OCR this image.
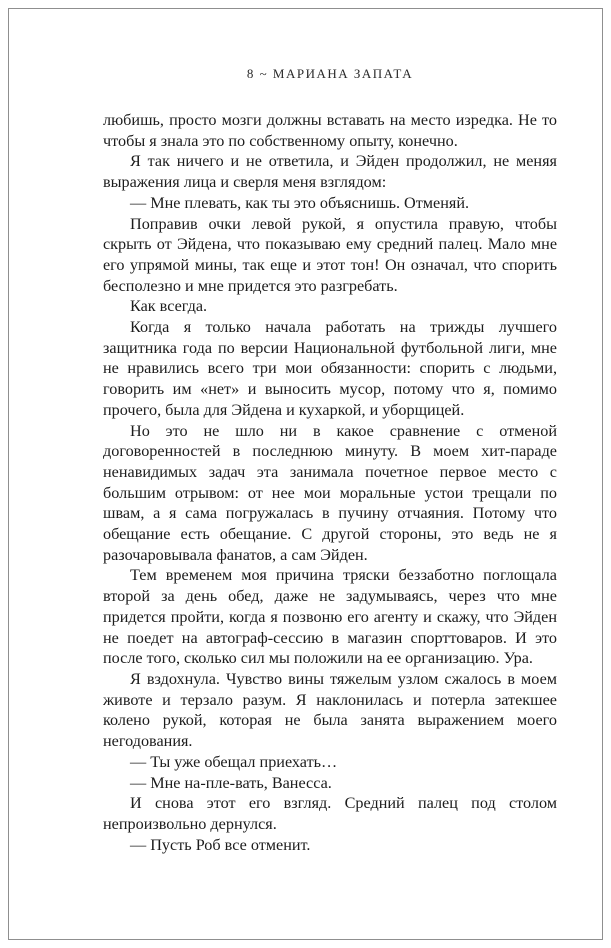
8 ~ МАРИАНА ЗАПАТА

любишь, просто мозги должны вставать на место изредка. Не то чтобы я знала это по собственному опыту, конечно.

Я так ничего и не ответила, и Эйден продолжил, не меняя выражения лица и сверля меня взглядом:

— Мне плевать, как ты это объяснишь. Отменяй.

Поправив очки левой рукой, я опустила правую, чтобы скрыть от Эйдена, что показываю ему средний палец. Мало мне его упрямой мины, так еще и этот тон! Он означал, что спорить бесполезно и мне придется это разгребать.

Как всегда.

Когда я только начала работать на трижды лучшего защитника года по версии Национальной футбольной лиги, мне не нравились всего три мои обязанности: спорить с людьми, говорить им «нет» и выносить мусор, потому что я, помимо прочего, была для Эйдена и кухаркой, и уборщицей.

Но это не шло ни в какое сравнение с отменой договоренностей в последнюю минуту. В моем хит-параде ненавидимых задач эта занимала почетное первое место с большим отрывом: от нее мои моральные устои трещали по швам, а я сама погружалась в пучину отчаяния. Потому что обещание есть обещание. С другой стороны, это ведь не я разочаровывала фанатов, а сам Эйден.

Тем временем моя причина тряски беззаботно поглощала второй за день обед, даже не задумываясь, через что мне придется пройти, когда я позвоню его агенту и скажу, что Эйден не поедет на автограф-сессию в магазин спорттоваров. И это после того, сколько сил мы положили на ее организацию. Ура.

Я вздохнула. Чувство вины тяжелым узлом сжалось в моем животе и терзало разум. Я наклонилась и потерла затекшее колено рукой, которая не была занята выражением моего негодования.

— Ты уже обещал приехать…

— Мне на-пле-вать, Ванесса.

И снова этот его взгляд. Средний палец под столом непроизвольно дернулся.

— Пусть Роб все отменит.
